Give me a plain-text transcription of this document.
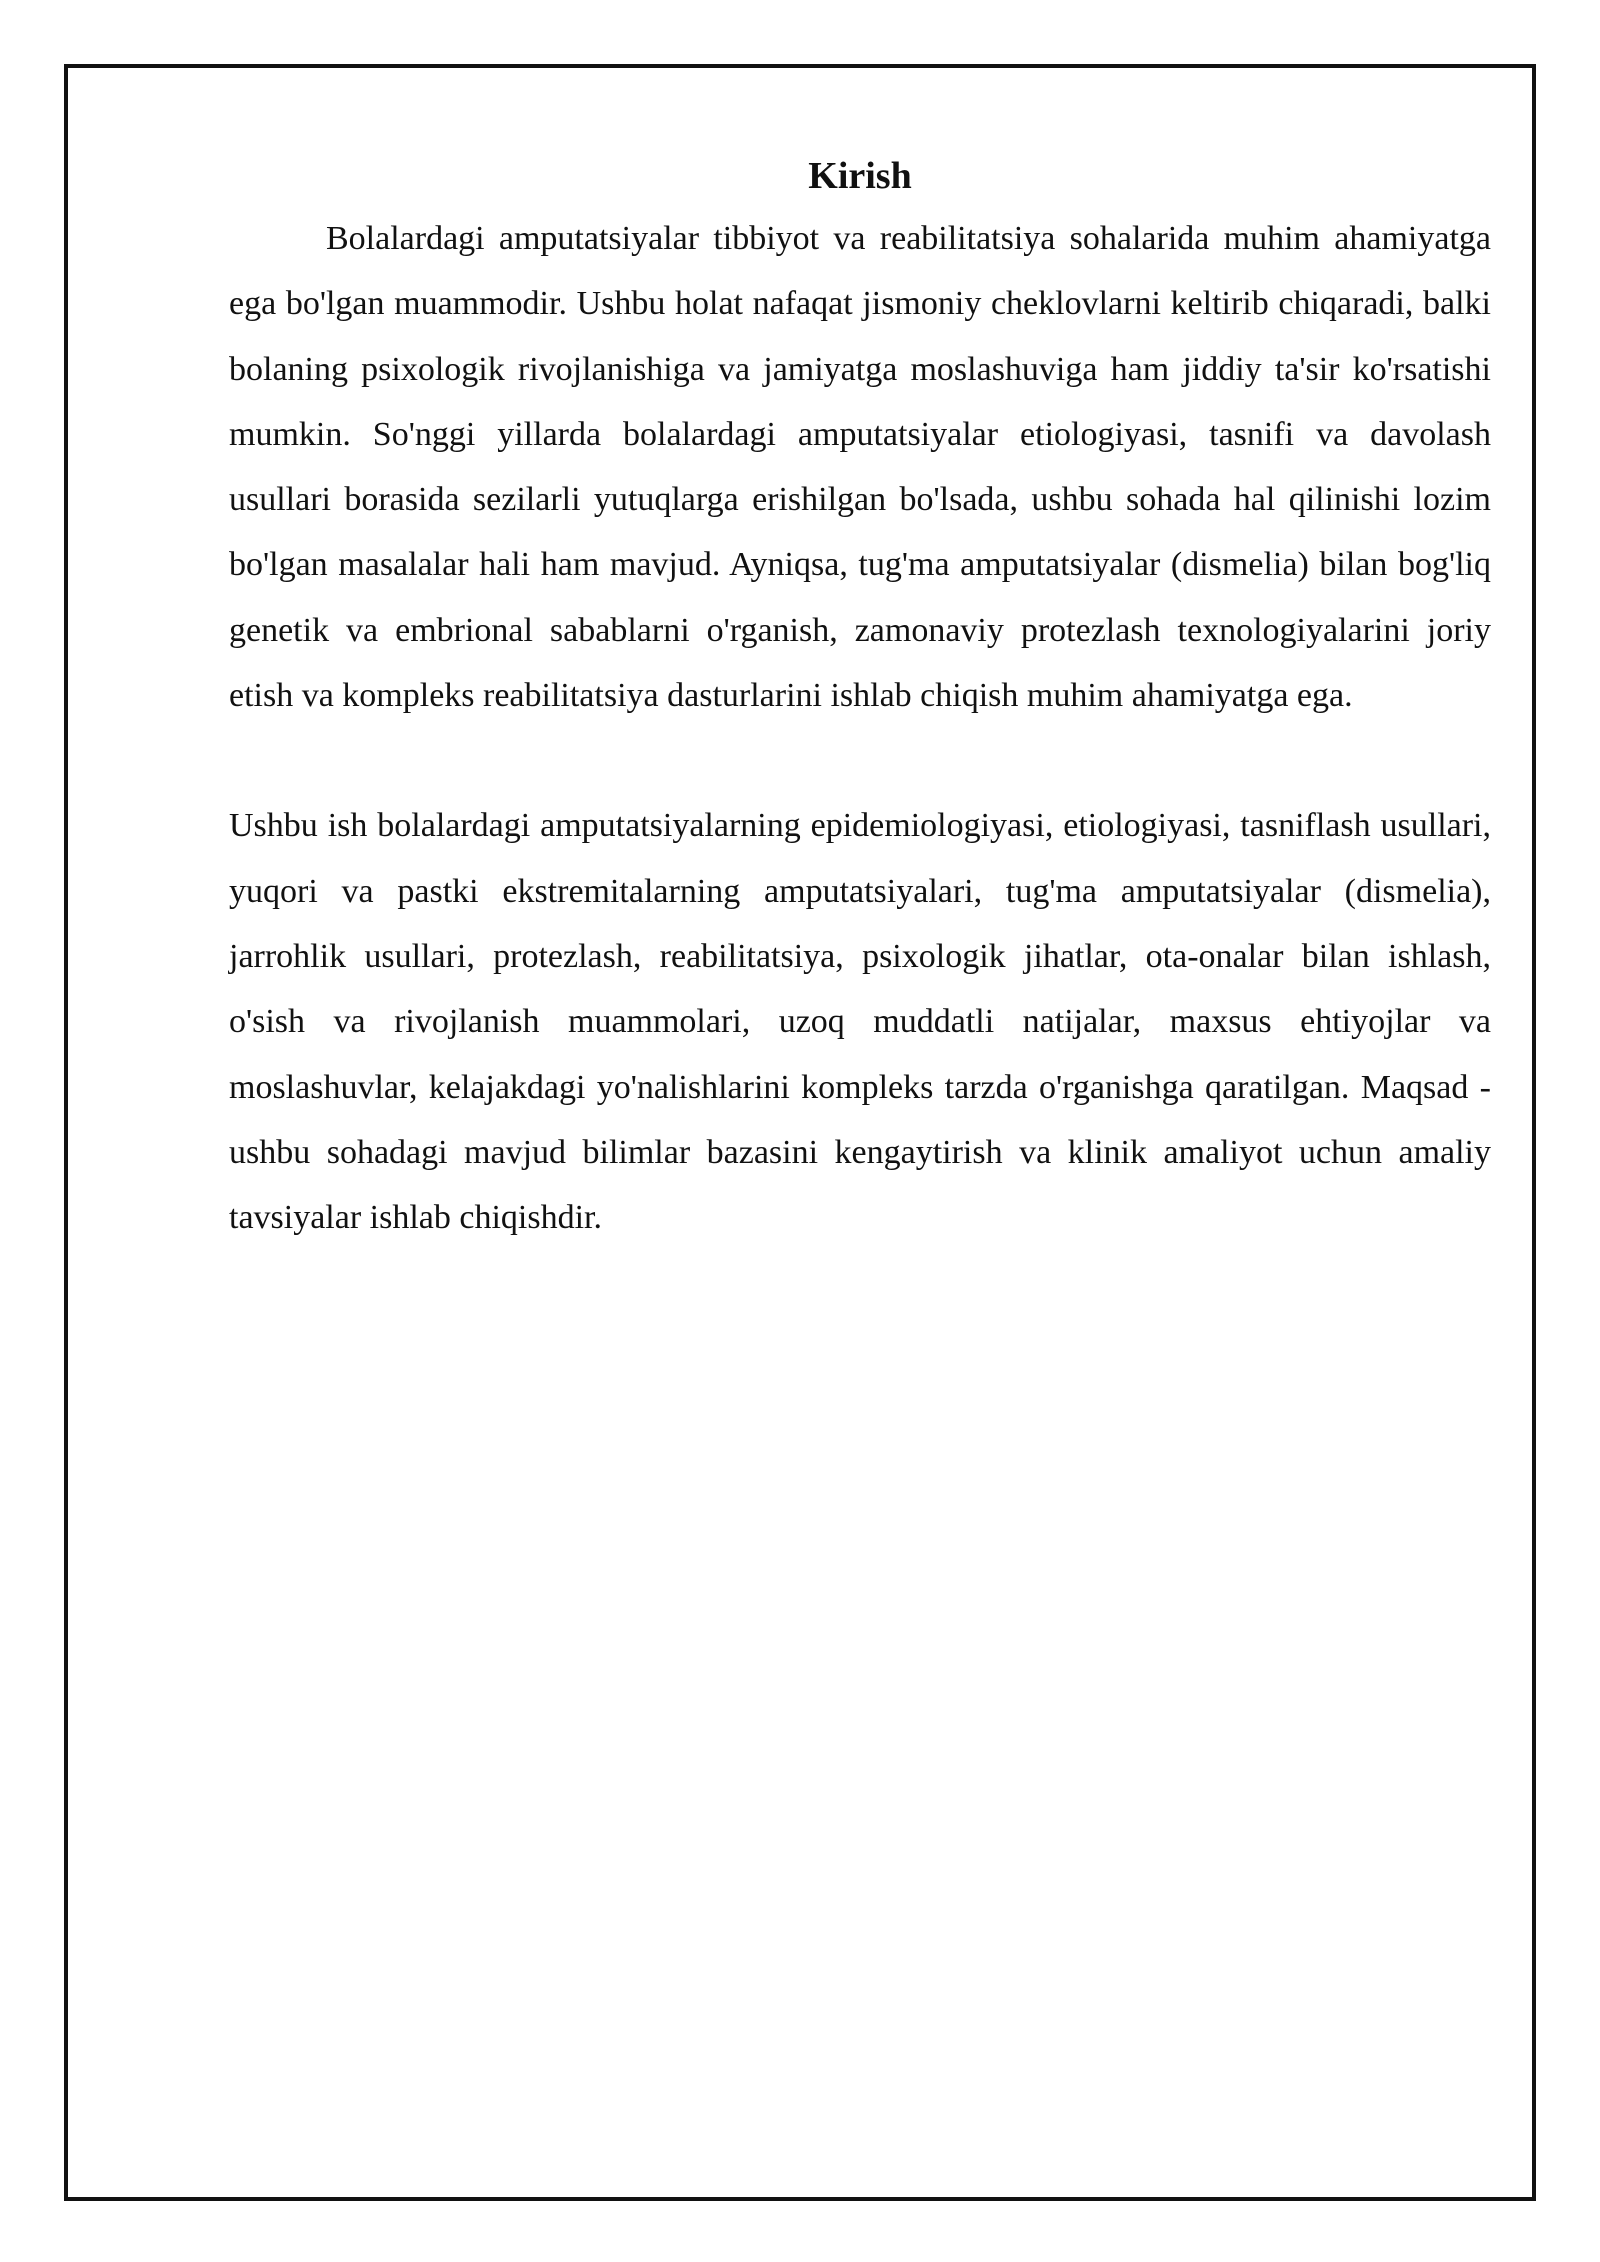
Kirish

Bolalardagi amputatsiyalar tibbiyot va reabilitatsiya sohalarida muhim ahamiyatga ega bo'lgan muammodir. Ushbu holat nafaqat jismoniy cheklovlarni keltirib chiqaradi, balki bolaning psixologik rivojlanishiga va jamiyatga moslashuviga ham jiddiy ta'sir ko'rsatishi mumkin. So'nggi yillarda bolalardagi amputatsiyalar etiologiyasi, tasnifi va davolash usullari borasida sezilarli yutuqlarga erishilgan bo'lsada, ushbu sohada hal qilinishi lozim bo'lgan masalalar hali ham mavjud. Ayniqsa, tug'ma amputatsiyalar (dismelia) bilan bog'liq genetik va embrional sabablarni o'rganish, zamonaviy protezlash texnologiyalarini joriy etish va kompleks reabilitatsiya dasturlarini ishlab chiqish muhim ahamiyatga ega.

Ushbu ish bolalardagi amputatsiyalarning epidemiologiyasi, etiologiyasi, tasniflash usullari, yuqori va pastki ekstremitalarning amputatsiyalari, tug'ma amputatsiyalar (dismelia), jarrohlik usullari, protezlash, reabilitatsiya, psixologik jihatlar, ota-onalar bilan ishlash, o'sish va rivojlanish muammolari, uzoq muddatli natijalar, maxsus ehtiyojlar va moslashuvlar, kelajakdagi yo'nalishlarini kompleks tarzda o'rganishga qaratilgan. Maqsad - ushbu sohadagi mavjud bilimlar bazasini kengaytirish va klinik amaliyot uchun amaliy tavsiyalar ishlab chiqishdir.
